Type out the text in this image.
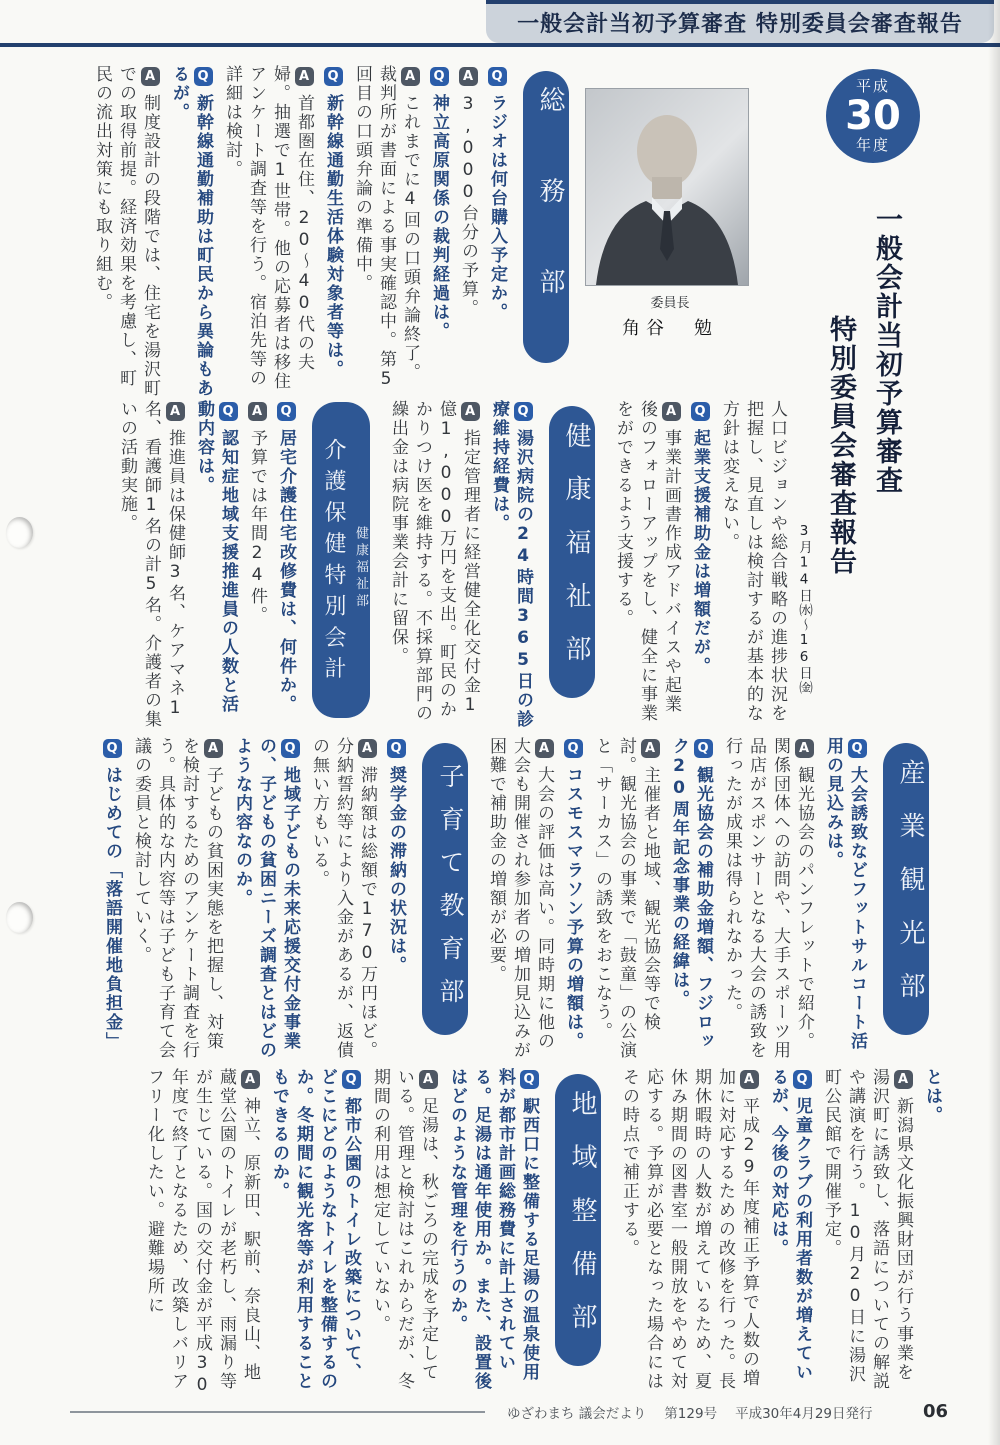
一般会計当初予算審査 特別委員会審査報告
平成
30
年度
一般会計当初予算審査
特別委員会審査報告
3月14日㈬〜16日㈮
委員長
角谷　勉
総務部

Qラジオは何台購入予定か。

A3,000台分の予算。

Q神立高原関係の裁判経過は。

Aこれまでに4回の口頭弁論終了。裁判所が書面による事実確認中。第5回目の口頭弁論の準備中。

Q新幹線通勤生活体験対象者等は。

A首都圏在住、20〜40代の夫婦。抽選で1世帯。他の応募者は移住アンケート調査等を行う。宿泊先等の詳細は検討。

Q新幹線通勤補助は町民から異論もあるが。

A制度設計の段階では、住宅を湯沢町での取得前提。経済効果を考慮し、町民の流出対策にも取り組む。

人口ビジョンや総合戦略の進捗状況を把握し、見直しは検討するが基本的な方針は変えない。

Q起業支援補助金は増額だが。

A事業計画書作成アドバイスや起業後のフォローアップをし、健全に事業をができるよう支援する。

健康福祉部

Q湯沢病院の24時間365日の診療維持経費は。

A指定管理者に経営健全化交付金1億1,000万円を支出。町民のかかりつけ医を維持する。不採算部門の繰出金は病院事業会計に留保。

健康福祉部
介護保健特別会計

Q居宅介護住宅改修費は、何件か。

A予算では年間24件。

Q認知症地域支援推進員の人数と活動内容は。

A推進員は保健師3名、ケアマネ1名、看護師1名の計5名。介護者の集いの活動実施。

産業観光部

Q大会誘致などフットサルコート活用の見込みは。

A観光協会のパンフレットで紹介。関係団体への訪問や、大手スポーツ用品店がスポンサーとなる大会の誘致を行ったが成果は得られなかった。

Q観光協会の補助金増額、フジロック20周年記念事業の経緯は。

A主催者と地域、観光協会等で検討。観光協会の事業で「鼓童」の公演と「サーカス」の誘致をおこなう。

Qコスモスマラソン予算の増額は。

A大会の評価は高い。同時期に他の大会も開催され参加者の増加見込みが困難で補助金の増額が必要。

子育て教育部

Q奨学金の滞納の状況は。

A滞納額は総額で170万円ほど。分納誓約等により入金があるが、返債の無い方もいる。

Q地域子どもの未来応援交付金事業の、子どもの貧困ニーズ調査とはどのような内容なのか。

A子どもの貧困実態を把握し、対策を検討するためのアンケート調査を行う。具体的な内容等は子ども子育て会議の委員と検討していく。

Qはじめての「落語開催地負担金」

とは。

A新潟県文化振興財団が行う事業を湯沢町に誘致し、落語についての解説や講演を行う。10月20日に湯沢町公民館で開催予定。

Q児童クラブの利用者数が増えているが、今後の対応は。

A平成29年度補正予算で人数の増加に対応するための改修を行った。長期休暇時の人数が増えているため、夏休み期間の図書室一般開放をやめて対応する。予算が必要となった場合にはその時点で補正する。

地域整備部

Q駅西口に整備する足湯の温泉使用料が都市計画総務費に計上されている。足湯は通年使用か。また、設置後はどのような管理を行うのか。

A足湯は、秋ごろの完成を予定している。管理と検討はこれからだが、冬期間の利用は想定していない。

Q都市公園のトイレ改築について、どこにどのようなトイレを整備するのか。冬期間に観光客等が利用することもできるのか。

A神立、原新田、駅前、奈良山、地蔵堂公園のトイレが老朽し、雨漏り等が生じている。国の交付金が平成30年度で終了となるため、改築しバリアフリー化したい。避難場所に

ゆざわまち 議会だより 第129号 平成30年4月29日発行	06
